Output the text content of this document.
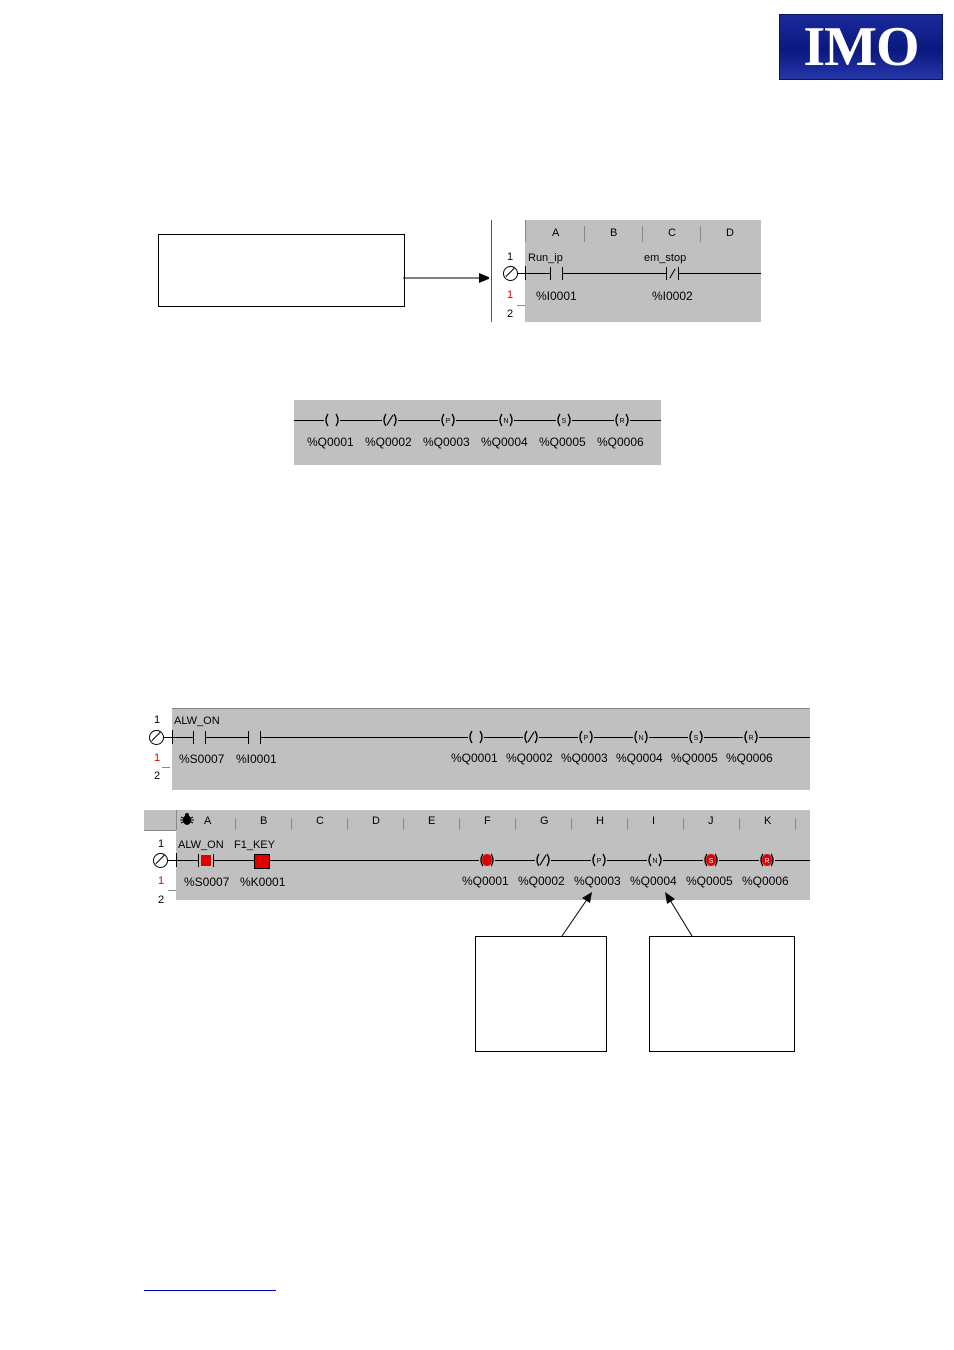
IMO
A	B	C	D
1
1
2
Run_ip
%I0001
em_stop
%I0002
%Q0001 %Q0002
P
%Q0003
N
%Q0004
S
%Q0005
R
%Q0006
1
1
2
ALW_ON
%S0007 %I0001	%Q0001 %Q0002
P
%Q0003
N
%Q0004
S
%Q0005
R
%Q0006
A	B	C	D	E	F	G	H	I	J	K
1
1
2
ALW_ON
%S0007
F1_KEY
%K0001	%Q0001 %Q0002
P
%Q0003
N
%Q0004
S
%Q0005
R
%Q0006
